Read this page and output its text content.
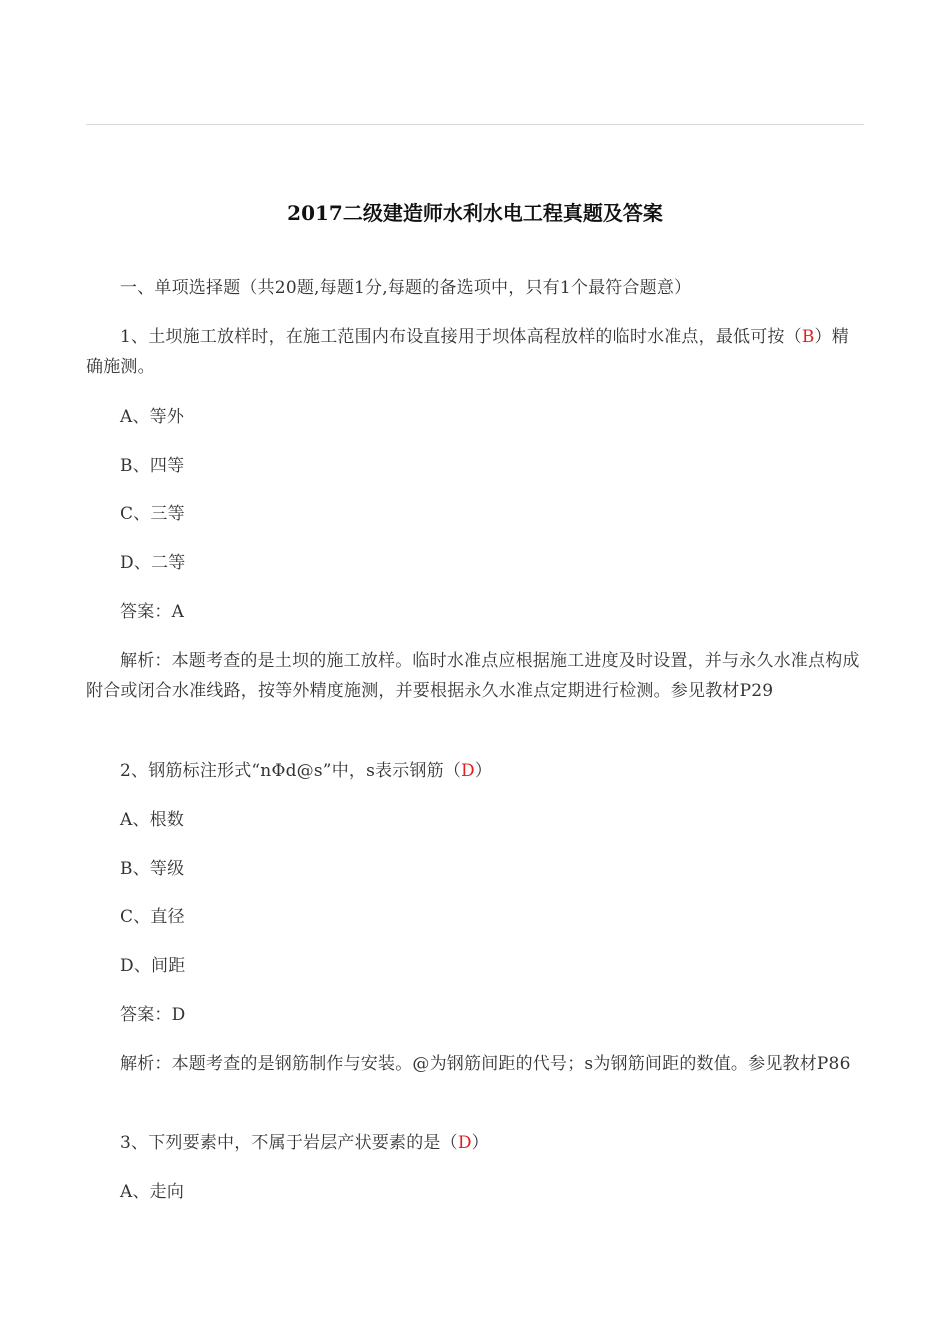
2017二级建造师水利水电工程真题及答案
一、单项选择题（共20题,每题1分,每题的备选项中，只有1个最符合题意）
1、土坝施工放样时，在施工范围内布设直接用于坝体高程放样的临时水准点，最低可按（B）精确施测。
A、等外
B、四等
C、三等
D、二等
答案：A
解析：本题考查的是土坝的施工放样。临时水准点应根据施工进度及时设置，并与永久水准点构成附合或闭合水准线路，按等外精度施测，并要根据永久水准点定期进行检测。参见教材P29
2、钢筋标注形式“nΦd@s”中，s表示钢筋（D）
A、根数
B、等级
C、直径
D、间距
答案：D
解析：本题考查的是钢筋制作与安装。@为钢筋间距的代号；s为钢筋间距的数值。参见教材P86
3、下列要素中，不属于岩层产状要素的是（D）
A、走向
